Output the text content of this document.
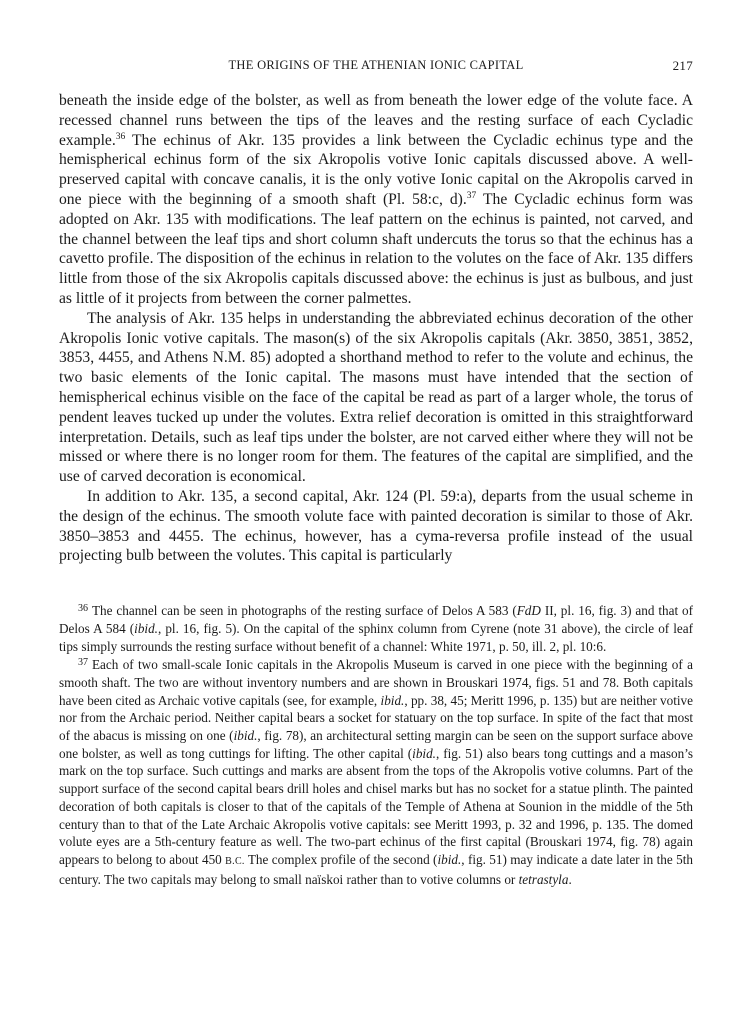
THE ORIGINS OF THE ATHENIAN IONIC CAPITAL	217

beneath the inside edge of the bolster, as well as from beneath the lower edge of the volute face. A recessed channel runs between the tips of the leaves and the resting surface of each Cycladic example.$^{36}$ The echinus of Akr. 135 provides a link between the Cycladic echinus type and the hemispherical echinus form of the six Akropolis votive Ionic capitals discussed above. A well-preserved capital with concave canalis, it is the only votive Ionic capital on the Akropolis carved in one piece with the beginning of a smooth shaft (Pl. 58:c, d).$^{37}$ The Cycladic echinus form was adopted on Akr. 135 with modifications. The leaf pattern on the echinus is painted, not carved, and the channel between the leaf tips and short column shaft undercuts the torus so that the echinus has a cavetto profile. The disposition of the echinus in relation to the volutes on the face of Akr. 135 differs little from those of the six Akropolis capitals discussed above: the echinus is just as bulbous, and just as little of it projects from between the corner palmettes.

The analysis of Akr. 135 helps in understanding the abbreviated echinus decoration of the other Akropolis Ionic votive capitals. The mason(s) of the six Akropolis capitals (Akr. 3850, 3851, 3852, 3853, 4455, and Athens N.M. 85) adopted a shorthand method to refer to the volute and echinus, the two basic elements of the Ionic capital. The masons must have intended that the section of hemispherical echinus visible on the face of the capital be read as part of a larger whole, the torus of pendent leaves tucked up under the volutes. Extra relief decoration is omitted in this straightforward interpretation. Details, such as leaf tips under the bolster, are not carved either where they will not be missed or where there is no longer room for them. The features of the capital are simplified, and the use of carved decoration is economical.

In addition to Akr. 135, a second capital, Akr. 124 (Pl. 59:a), departs from the usual scheme in the design of the echinus. The smooth volute face with painted decoration is similar to those of Akr. 3850–3853 and 4455. The echinus, however, has a cyma-reversa profile instead of the usual projecting bulb between the volutes. This capital is particularly

$^{36}$ The channel can be seen in photographs of the resting surface of Delos A 583 (FdD II, pl. 16, fig. 3) and that of Delos A 584 (ibid., pl. 16, fig. 5). On the capital of the sphinx column from Cyrene (note 31 above), the circle of leaf tips simply surrounds the resting surface without benefit of a channel: White 1971, p. 50, ill. 2, pl. 10:6.

$^{37}$ Each of two small-scale Ionic capitals in the Akropolis Museum is carved in one piece with the beginning of a smooth shaft. The two are without inventory numbers and are shown in Brouskari 1974, figs. 51 and 78. Both capitals have been cited as Archaic votive capitals (see, for example, ibid., pp. 38, 45; Meritt 1996, p. 135) but are neither votive nor from the Archaic period. Neither capital bears a socket for statuary on the top surface. In spite of the fact that most of the abacus is missing on one (ibid., fig. 78), an architectural setting margin can be seen on the support surface above one bolster, as well as tong cuttings for lifting. The other capital (ibid., fig. 51) also bears tong cuttings and a mason’s mark on the top surface. Such cuttings and marks are absent from the tops of the Akropolis votive columns. Part of the support surface of the second capital bears drill holes and chisel marks but has no socket for a statue plinth. The painted decoration of both capitals is closer to that of the capitals of the Temple of Athena at Sounion in the middle of the 5th century than to that of the Late Archaic Akropolis votive capitals: see Meritt 1993, p. 32 and 1996, p. 135. The domed volute eyes are a 5th-century feature as well. The two-part echinus of the first capital (Brouskari 1974, fig. 78) again appears to belong to about 450 B.C. The complex profile of the second (ibid., fig. 51) may indicate a date later in the 5th century. The two capitals may belong to small naïskoi rather than to votive columns or tetrastyla.
